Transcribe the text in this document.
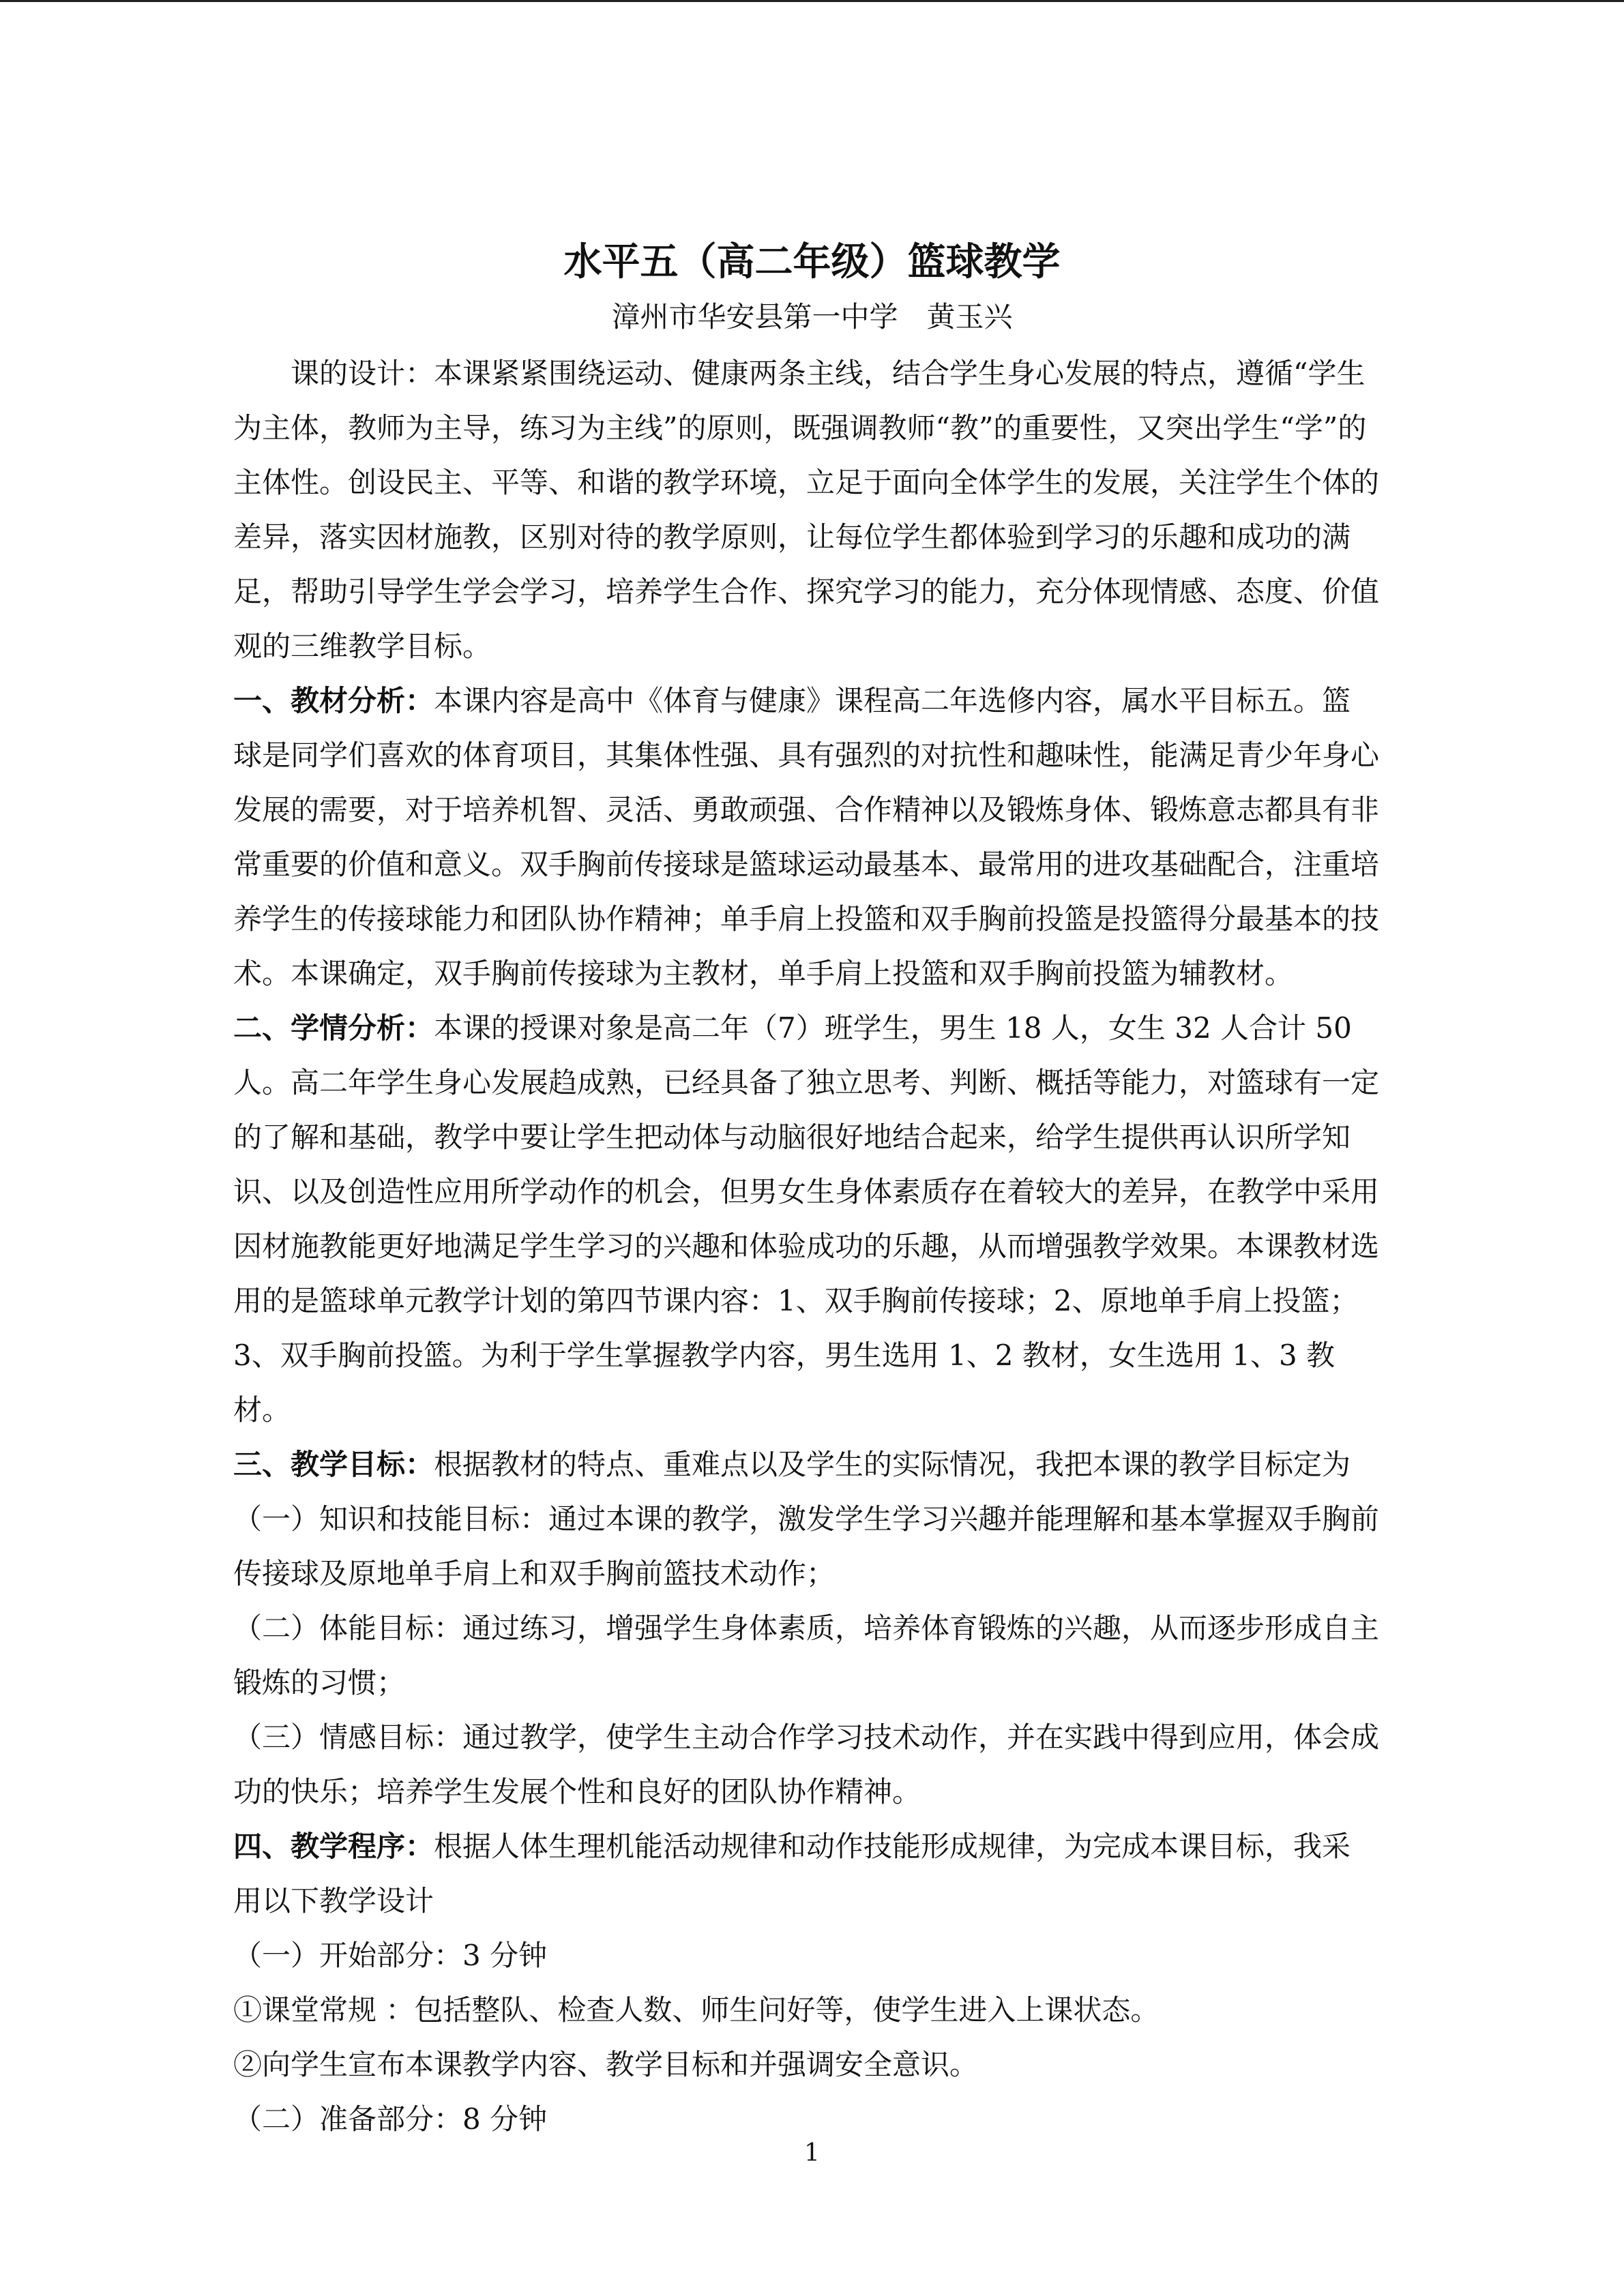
水平五（高二年级）篮球教学
漳州市华安县第一中学　黄玉兴

课的设计：本课紧紧围绕运动、健康两条主线，结合学生身心发展的特点，遵循“学生为主体，教师为主导，练习为主线”的原则，既强调教师“教”的重要性，又突出学生“学”的主体性。创设民主、平等、和谐的教学环境，立足于面向全体学生的发展，关注学生个体的差异，落实因材施教，区别对待的教学原则，让每位学生都体验到学习的乐趣和成功的满足，帮助引导学生学会学习，培养学生合作、探究学习的能力，充分体现情感、态度、价值观的三维教学目标。

一、教材分析：本课内容是高中《体育与健康》课程高二年选修内容，属水平目标五。篮球是同学们喜欢的体育项目，其集体性强、具有强烈的对抗性和趣味性，能满足青少年身心发展的需要，对于培养机智、灵活、勇敢顽强、合作精神以及锻炼身体、锻炼意志都具有非常重要的价值和意义。双手胸前传接球是篮球运动最基本、最常用的进攻基础配合，注重培养学生的传接球能力和团队协作精神；单手肩上投篮和双手胸前投篮是投篮得分最基本的技术。本课确定，双手胸前传接球为主教材，单手肩上投篮和双手胸前投篮为辅教材。

二、学情分析：本课的授课对象是高二年（7）班学生，男生 18 人，女生 32 人合计 50 人。高二年学生身心发展趋成熟，已经具备了独立思考、判断、概括等能力，对篮球有一定的了解和基础，教学中要让学生把动体与动脑很好地结合起来，给学生提供再认识所学知识、以及创造性应用所学动作的机会，但男女生身体素质存在着较大的差异，在教学中采用因材施教能更好地满足学生学习的兴趣和体验成功的乐趣，从而增强教学效果。本课教材选用的是篮球单元教学计划的第四节课内容：1、双手胸前传接球；2、原地单手肩上投篮；3、双手胸前投篮。为利于学生掌握教学内容，男生选用 1、2 教材，女生选用 1、3 教材。

三、教学目标：根据教材的特点、重难点以及学生的实际情况，我把本课的教学目标定为

（一）知识和技能目标：通过本课的教学，激发学生学习兴趣并能理解和基本掌握双手胸前传接球及原地单手肩上和双手胸前篮技术动作；

（二）体能目标：通过练习，增强学生身体素质，培养体育锻炼的兴趣，从而逐步形成自主锻炼的习惯；

（三）情感目标：通过教学，使学生主动合作学习技术动作，并在实践中得到应用，体会成功的快乐；培养学生发展个性和良好的团队协作精神。

四、教学程序：根据人体生理机能活动规律和动作技能形成规律，为完成本课目标，我采用以下教学设计

（一）开始部分：3 分钟

①课堂常规 ：包括整队、检查人数、师生问好等，使学生进入上课状态。

②向学生宣布本课教学内容、教学目标和并强调安全意识。

（二）准备部分：8 分钟

1
